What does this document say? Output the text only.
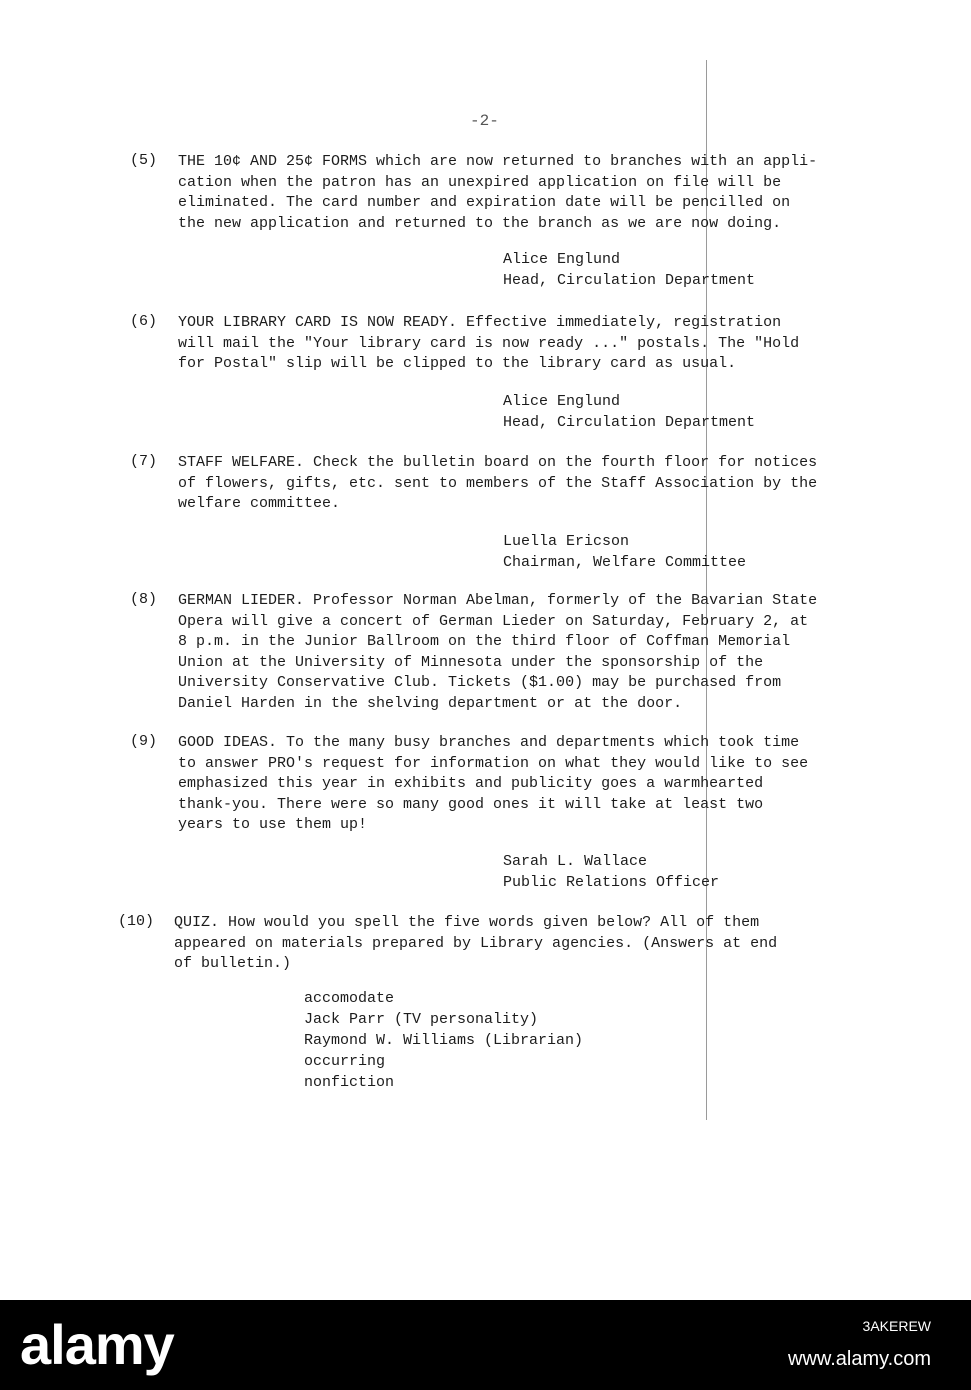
-2-
(5) THE 10¢ AND 25¢ FORMS which are now returned to branches with an appli-
cation when the patron has an unexpired application on file will be
eliminated. The card number and expiration date will be pencilled on
the new application and returned to the branch as we are now doing.
Alice Englund
Head, Circulation Department
(6) YOUR LIBRARY CARD IS NOW READY. Effective immediately, registration
will mail the "Your library card is now ready ..." postals. The "Hold
for Postal" slip will be clipped to the library card as usual.
Alice Englund
Head, Circulation Department
(7) STAFF WELFARE. Check the bulletin board on the fourth floor for notices
of flowers, gifts, etc. sent to members of the Staff Association by the
welfare committee.
Luella Ericson
Chairman, Welfare Committee
(8) GERMAN LIEDER. Professor Norman Abelman, formerly of the Bavarian State
Opera will give a concert of German Lieder on Saturday, February 2, at
8 p.m. in the Junior Ballroom on the third floor of Coffman Memorial
Union at the University of Minnesota under the sponsorship of the
University Conservative Club. Tickets ($1.00) may be purchased from
Daniel Harden in the shelving department or at the door.
(9) GOOD IDEAS. To the many busy branches and departments which took time
to answer PRO's request for information on what they would like to see
emphasized this year in exhibits and publicity goes a warmhearted
thank-you. There were so many good ones it will take at least two
years to use them up!
Sarah L. Wallace
Public Relations Officer
(10) QUIZ. How would you spell the five words given below? All of them
appeared on materials prepared by Library agencies. (Answers at end
of bulletin.)
accomodate
Jack Parr (TV personality)
Raymond W. Williams (Librarian)
occurring
nonfiction
alamy	3AKEREW
www.alamy.com
